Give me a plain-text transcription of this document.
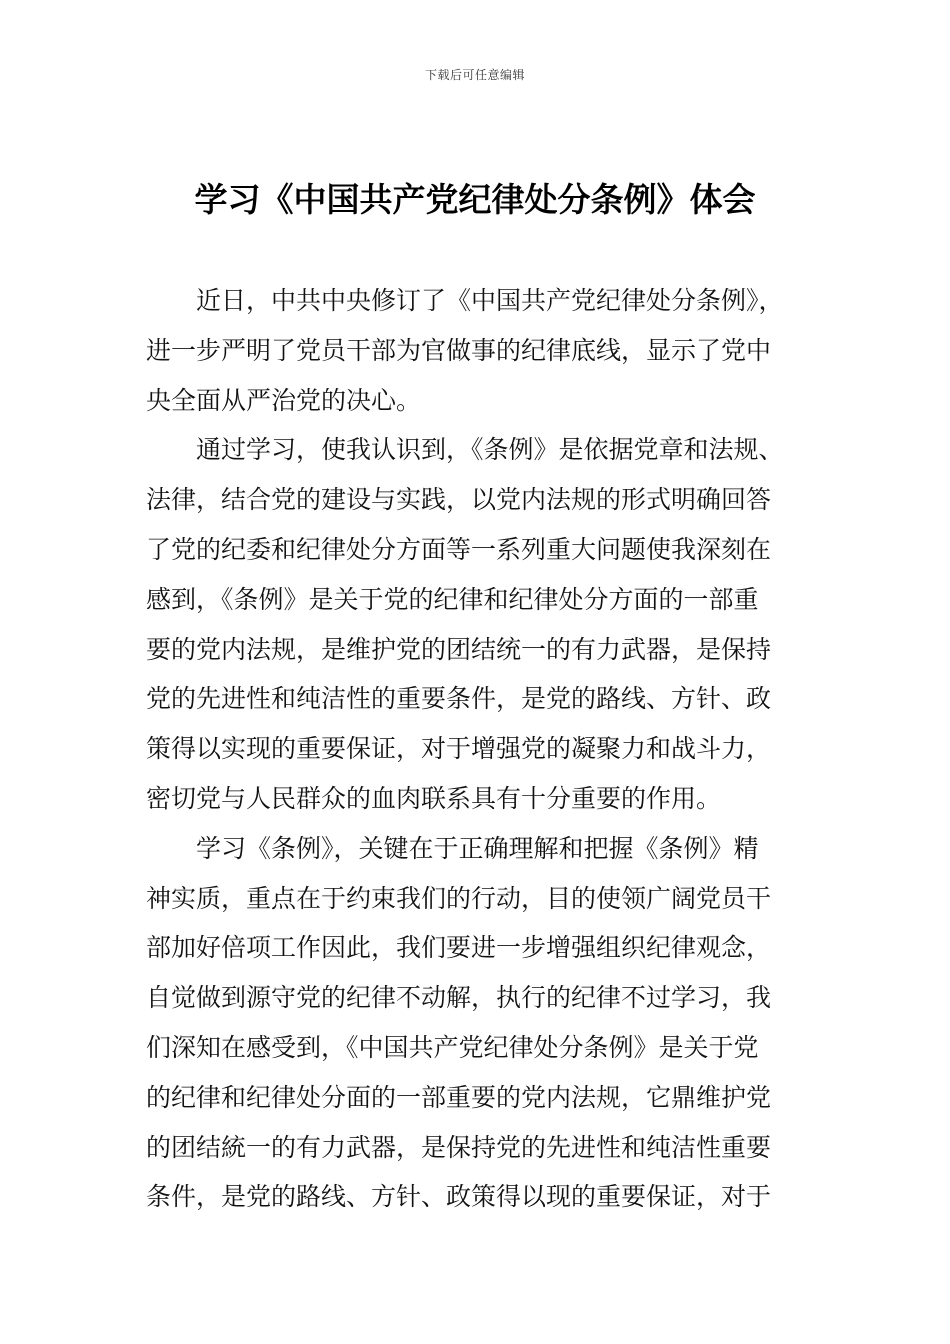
下载后可任意编辑
学习《中国共产党纪律处分条例》体会
近日，中共中央修订了《中国共产党纪律处分条例》，
进一步严明了党员干部为官做事的纪律底线，显示了党中
央全面从严治党的决心。
通过学习，使我认识到，《条例》是依据党章和法规、
法律，结合党的建设与实践，以党内法规的形式明确回答
了党的纪委和纪律处分方面等一系列重大问题使我深刻在
感到，《条例》是关于党的纪律和纪律处分方面的一部重
要的党内法规，是维护党的团结统一的有力武器，是保持
党的先进性和纯洁性的重要条件，是党的路线、方针、政
策得以实现的重要保证，对于增强党的凝聚力和战斗力，
密切党与人民群众的血肉联系具有十分重要的作用。
学习《条例》，关键在于正确理解和把握《条例》精
神实质，重点在于约束我们的行动，目的使领广阔党员干
部加好倍项工作因此，我们要进一步增强组织纪律观念，
自觉做到源守党的纪律不动解，执行的纪律不过学习，我
们深知在感受到，《中国共产党纪律处分条例》是关于党
的纪律和纪律处分面的一部重要的党内法规，它鼎维护党
的团结統一的有力武器，是保持党的先进性和纯洁性重要
条件，是党的路线、方针、政策得以现的重要保证，对于
